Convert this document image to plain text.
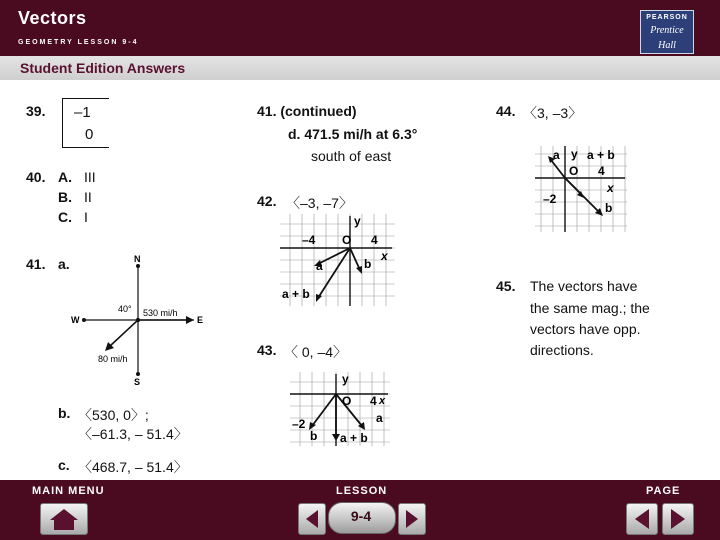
Vectors
GEOMETRY LESSON 9-4
PEARSON
Prentice
Hall
Student Edition Answers
39. –1
0
40. A. III
B. II
C. I
41. a.	N
S
E
W
40° 530 mi/h
80 mi/h
b. 〈530, 0〉;
〈–61.3, – 51.4〉
c. 〈468.7, – 51.4〉
41. (continued)
d. 471.5 mi/h at 6.3°
south of east
42. 〈–3, –7〉
y
x
O
–4	4
a	b
a + b
43. 〈 0, –4〉
y
x
O 4
–2	a
b a + b
44. 〈3, –3〉
a y a + b
O 4
x
–2
b
45. The vectors have
the same mag.; the
vectors have opp.
directions.
MAIN MENU	LESSON	PAGE
9-4
